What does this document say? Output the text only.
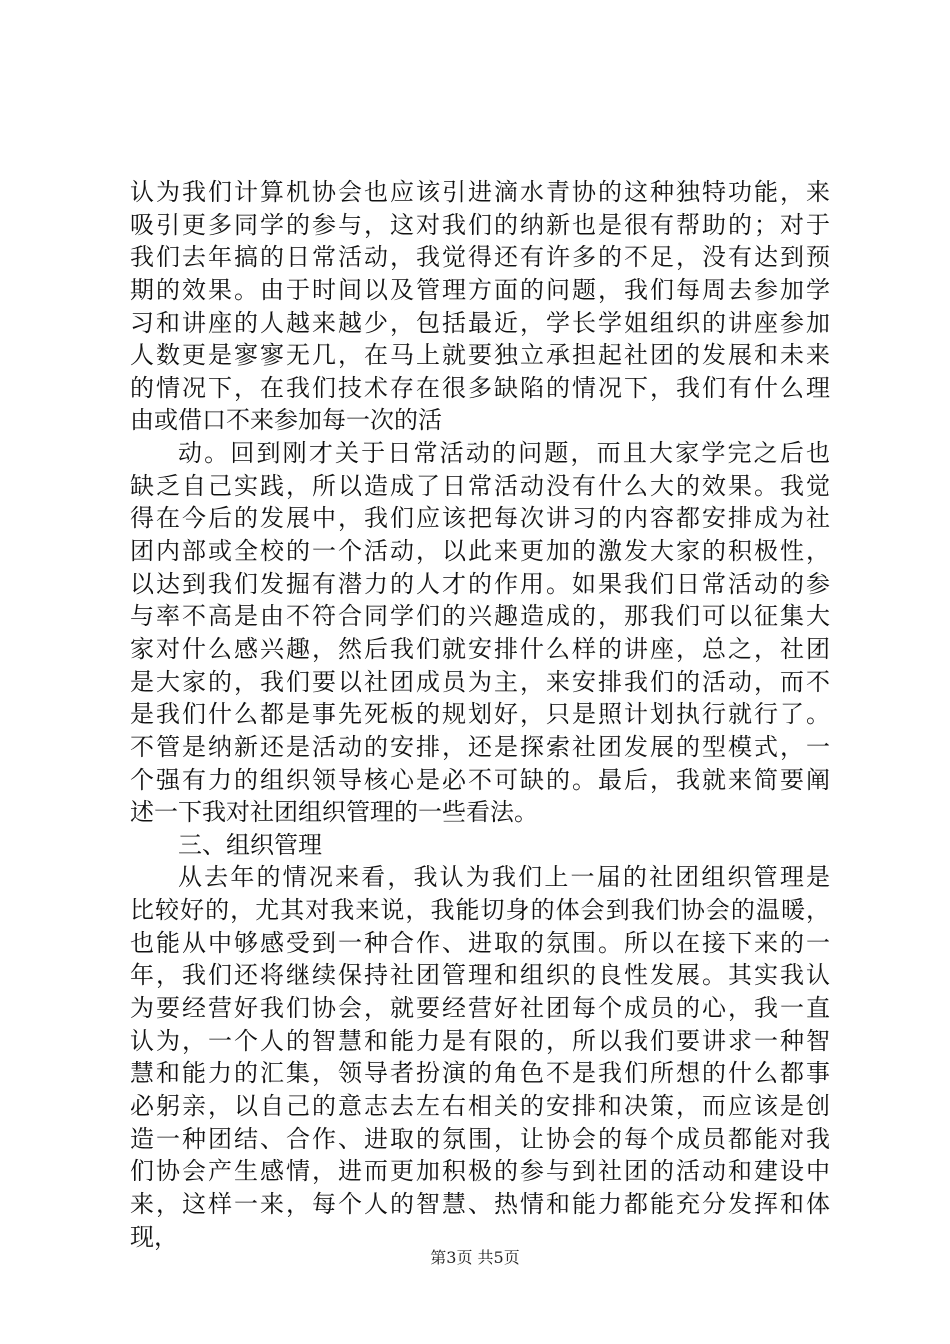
认为我们计算机协会也应该引进滴水青协的这种独特功能，来
吸引更多同学的参与，这对我们的纳新也是很有帮助的；对于
我们去年搞的日常活动，我觉得还有许多的不足，没有达到预
期的效果。由于时间以及管理方面的问题，我们每周去参加学
习和讲座的人越来越少，包括最近，学长学姐组织的讲座参加
人数更是寥寥无几，在马上就要独立承担起社团的发展和未来
的情况下，在我们技术存在很多缺陷的情况下，我们有什么理
由或借口不来参加每一次的活
动。回到刚才关于日常活动的问题，而且大家学完之后也
缺乏自己实践，所以造成了日常活动没有什么大的效果。我觉
得在今后的发展中，我们应该把每次讲习的内容都安排成为社
团内部或全校的一个活动，以此来更加的激发大家的积极性，
以达到我们发掘有潜力的人才的作用。如果我们日常活动的参
与率不高是由不符合同学们的兴趣造成的，那我们可以征集大
家对什么感兴趣，然后我们就安排什么样的讲座，总之，社团
是大家的，我们要以社团成员为主，来安排我们的活动，而不
是我们什么都是事先死板的规划好，只是照计划执行就行了。
不管是纳新还是活动的安排，还是探索社团发展的型模式，一
个强有力的组织领导核心是必不可缺的。最后，我就来简要阐
述一下我对社团组织管理的一些看法。
三、组织管理
从去年的情况来看，我认为我们上一届的社团组织管理是
比较好的，尤其对我来说，我能切身的体会到我们协会的温暖，
也能从中够感受到一种合作、进取的氛围。所以在接下来的一
年，我们还将继续保持社团管理和组织的良性发展。其实我认
为要经营好我们协会，就要经营好社团每个成员的心，我一直
认为，一个人的智慧和能力是有限的，所以我们要讲求一种智
慧和能力的汇集，领导者扮演的角色不是我们所想的什么都事
必躬亲，以自己的意志去左右相关的安排和决策，而应该是创
造一种团结、合作、进取的氛围，让协会的每个成员都能对我
们协会产生感情，进而更加积极的参与到社团的活动和建设中
来，这样一来，每个人的智慧、热情和能力都能充分发挥和体
现，
第3页 共5页
